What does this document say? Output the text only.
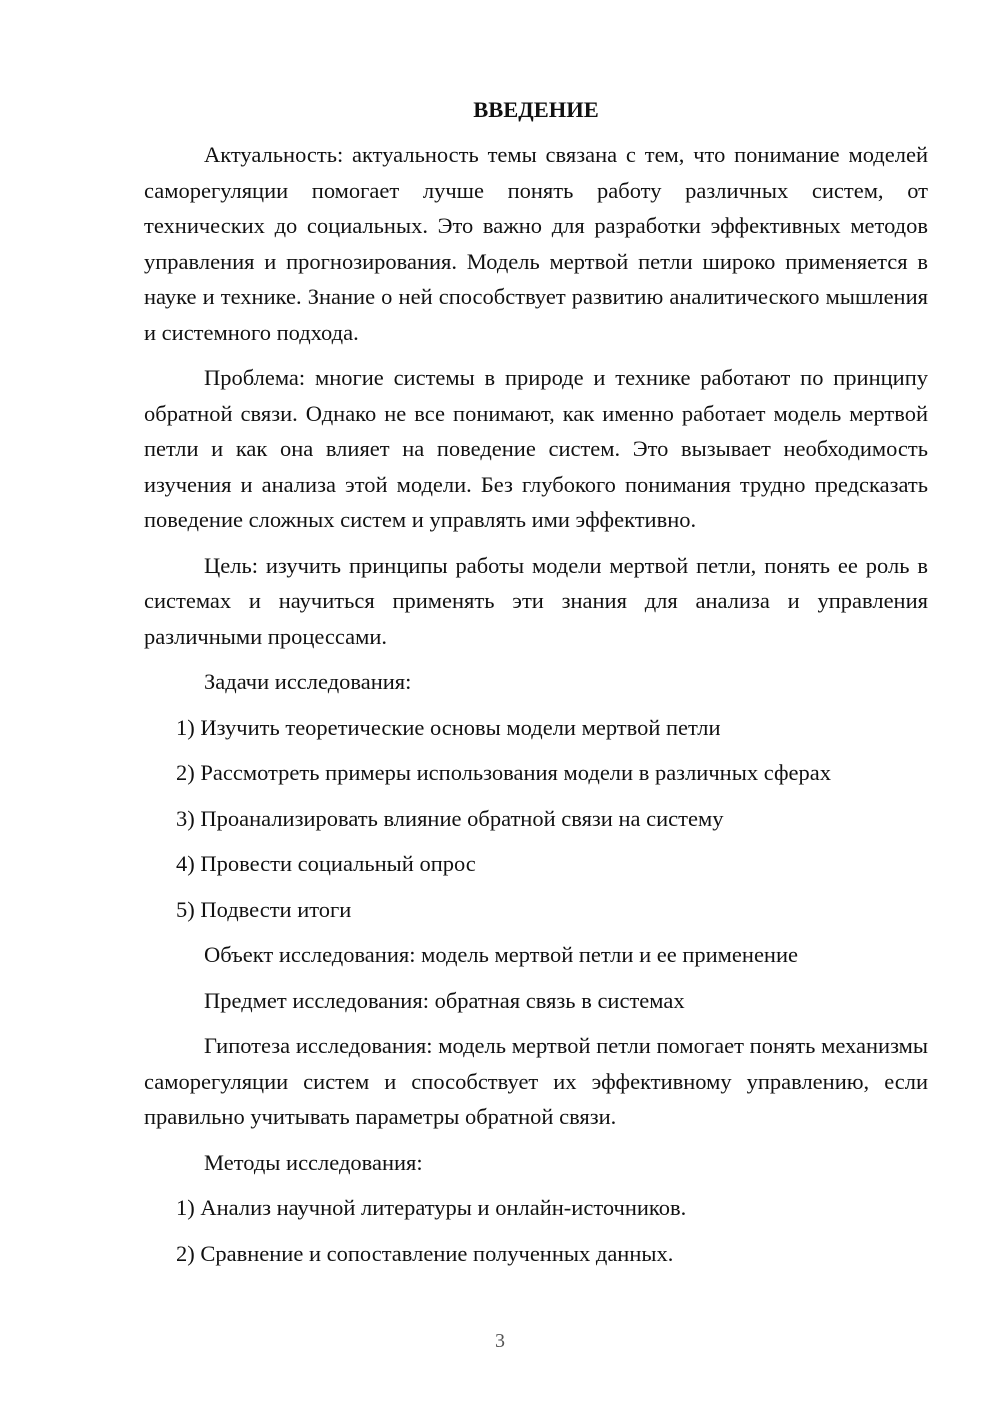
ВВЕДЕНИЕ

Актуальность: актуальность темы связана с тем, что понимание моделей саморегуляции помогает лучше понять работу различных систем, от технических до социальных. Это важно для разработки эффективных методов управления и прогнозирования. Модель мертвой петли широко применяется в науке и технике. Знание о ней способствует развитию аналитического мышления и системного подхода.

Проблема: многие системы в природе и технике работают по принципу обратной связи. Однако не все понимают, как именно работает модель мертвой петли и как она влияет на поведение систем. Это вызывает необходимость изучения и анализа этой модели. Без глубокого понимания трудно предсказать поведение сложных систем и управлять ими эффективно.

Цель: изучить принципы работы модели мертвой петли, понять ее роль в системах и научиться применять эти знания для анализа и управления различными процессами.

Задачи исследования:

1) Изучить теоретические основы модели мертвой петли

2) Рассмотреть примеры использования модели в различных сферах

3) Проанализировать влияние обратной связи на систему

4) Провести социальный опрос

5) Подвести итоги

Объект исследования: модель мертвой петли и ее применение

Предмет исследования: обратная связь в системах

Гипотеза исследования: модель мертвой петли помогает понять механизмы саморегуляции систем и способствует их эффективному управлению, если правильно учитывать параметры обратной связи.

Методы исследования:

1) Анализ научной литературы и онлайн-источников.

2) Сравнение и сопоставление полученных данных.

3
